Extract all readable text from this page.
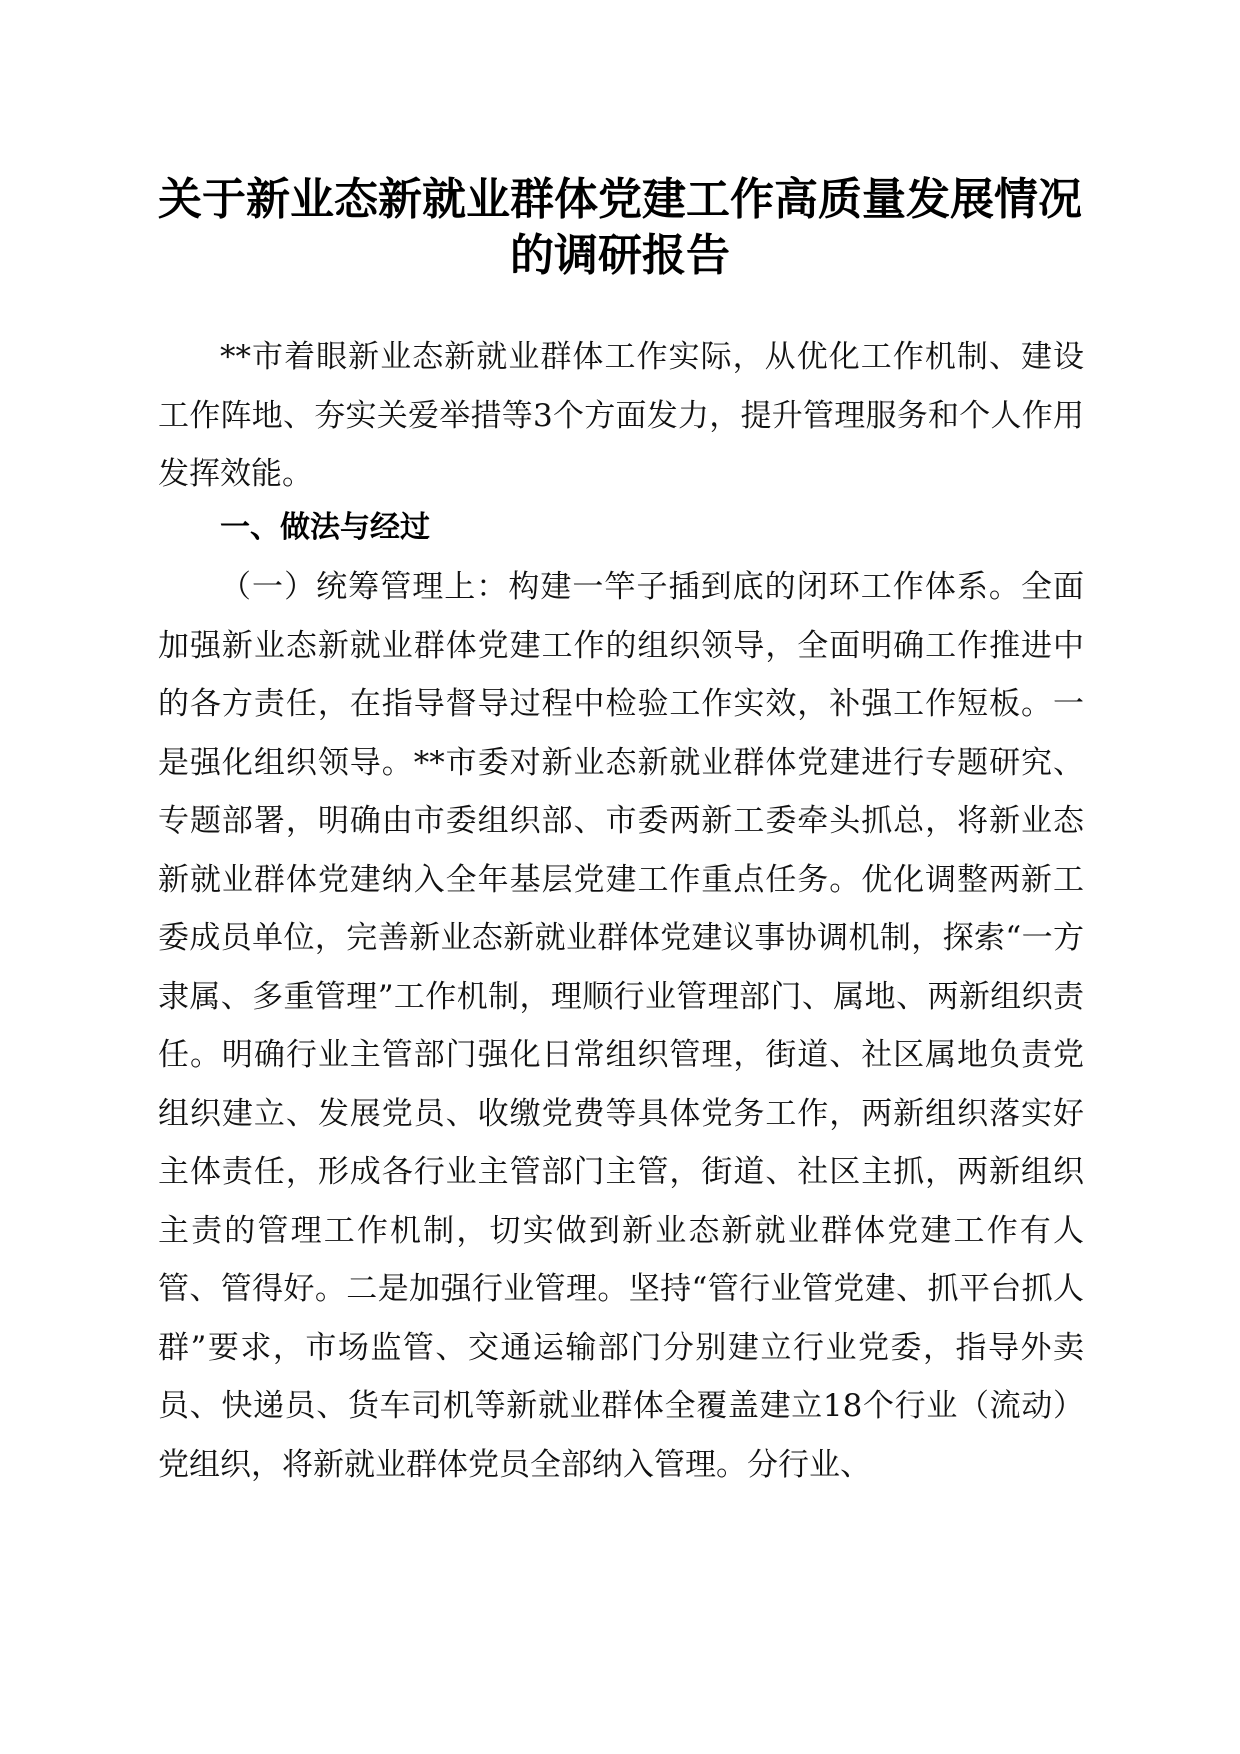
关于新业态新就业群体党建工作高质量发展情况的调研报告

**市着眼新业态新就业群体工作实际，从优化工作机制、建设工作阵地、夯实关爱举措等3个方面发力，提升管理服务和个人作用发挥效能。

一、做法与经过

（一）统筹管理上：构建一竿子插到底的闭环工作体系。全面加强新业态新就业群体党建工作的组织领导，全面明确工作推进中的各方责任，在指导督导过程中检验工作实效，补强工作短板。一是强化组织领导。**市委对新业态新就业群体党建进行专题研究、专题部署，明确由市委组织部、市委两新工委牵头抓总，将新业态新就业群体党建纳入全年基层党建工作重点任务。优化调整两新工委成员单位，完善新业态新就业群体党建议事协调机制，探索“一方隶属、多重管理”工作机制，理顺行业管理部门、属地、两新组织责任。明确行业主管部门强化日常组织管理，街道、社区属地负责党组织建立、发展党员、收缴党费等具体党务工作，两新组织落实好主体责任，形成各行业主管部门主管，街道、社区主抓，两新组织主责的管理工作机制，切实做到新业态新就业群体党建工作有人管、管得好。二是加强行业管理。坚持“管行业管党建、抓平台抓人群”要求，市场监管、交通运输部门分别建立行业党委，指导外卖员、快递员、货车司机等新就业群体全覆盖建立18个行业（流动）党组织，将新就业群体党员全部纳入管理。分行业、
